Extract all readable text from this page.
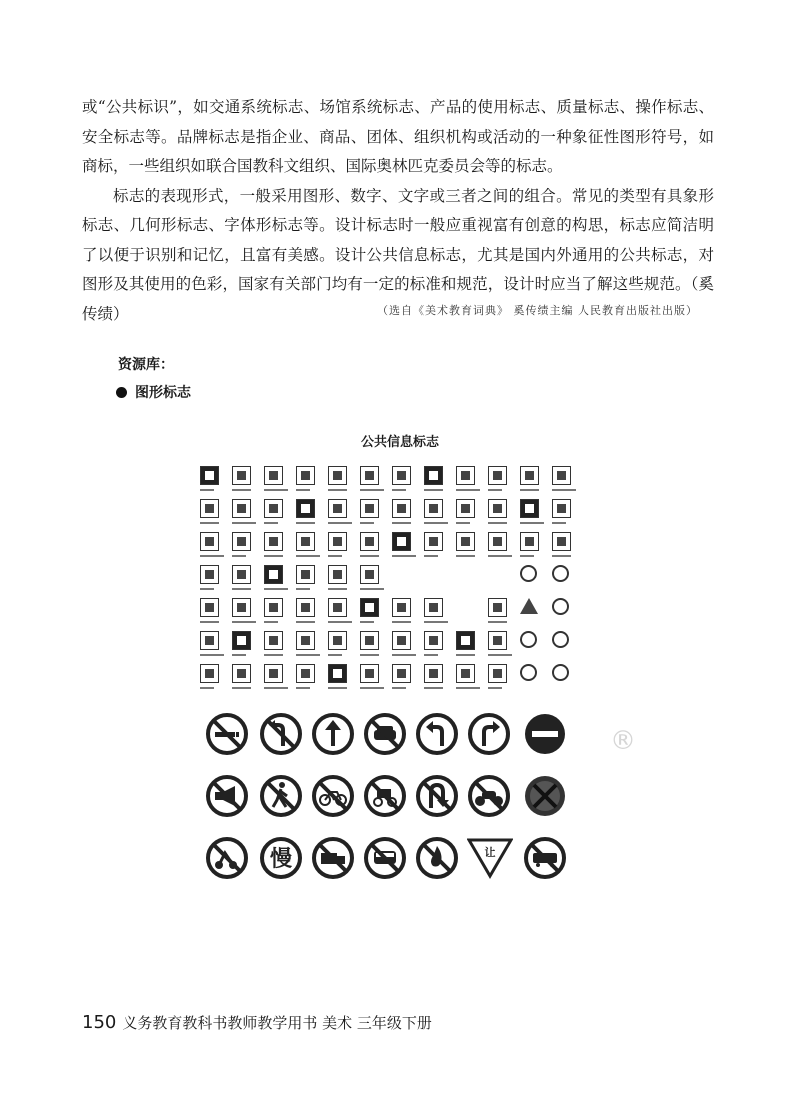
或“公共标识”，如交通系统标志、场馆系统标志、产品的使用标志、质量标志、操作标志、安全标志等。品牌标志是指企业、商品、团体、组织机构或活动的一种象征性图形符号，如商标，一些组织如联合国教科文组织、国际奥林匹克委员会等的标志。

标志的表现形式，一般采用图形、数字、文字或三者之间的组合。常见的类型有具象形标志、几何形标志、字体形标志等。设计标志时一般应重视富有创意的构思，标志应简洁明了以便于识别和记忆，且富有美感。设计公共信息标志，尤其是国内外通用的公共标志，对图形及其使用的色彩，国家有关部门均有一定的标准和规范，设计时应当了解这些规范。（奚传绩）	（选自《美术教育词典》 奚传绩主编 人民教育出版社出版）
资源库：
图形标志
公共信息标志
慢	让
®
150 义务教育教科书教师教学用书 美术 三年级下册
